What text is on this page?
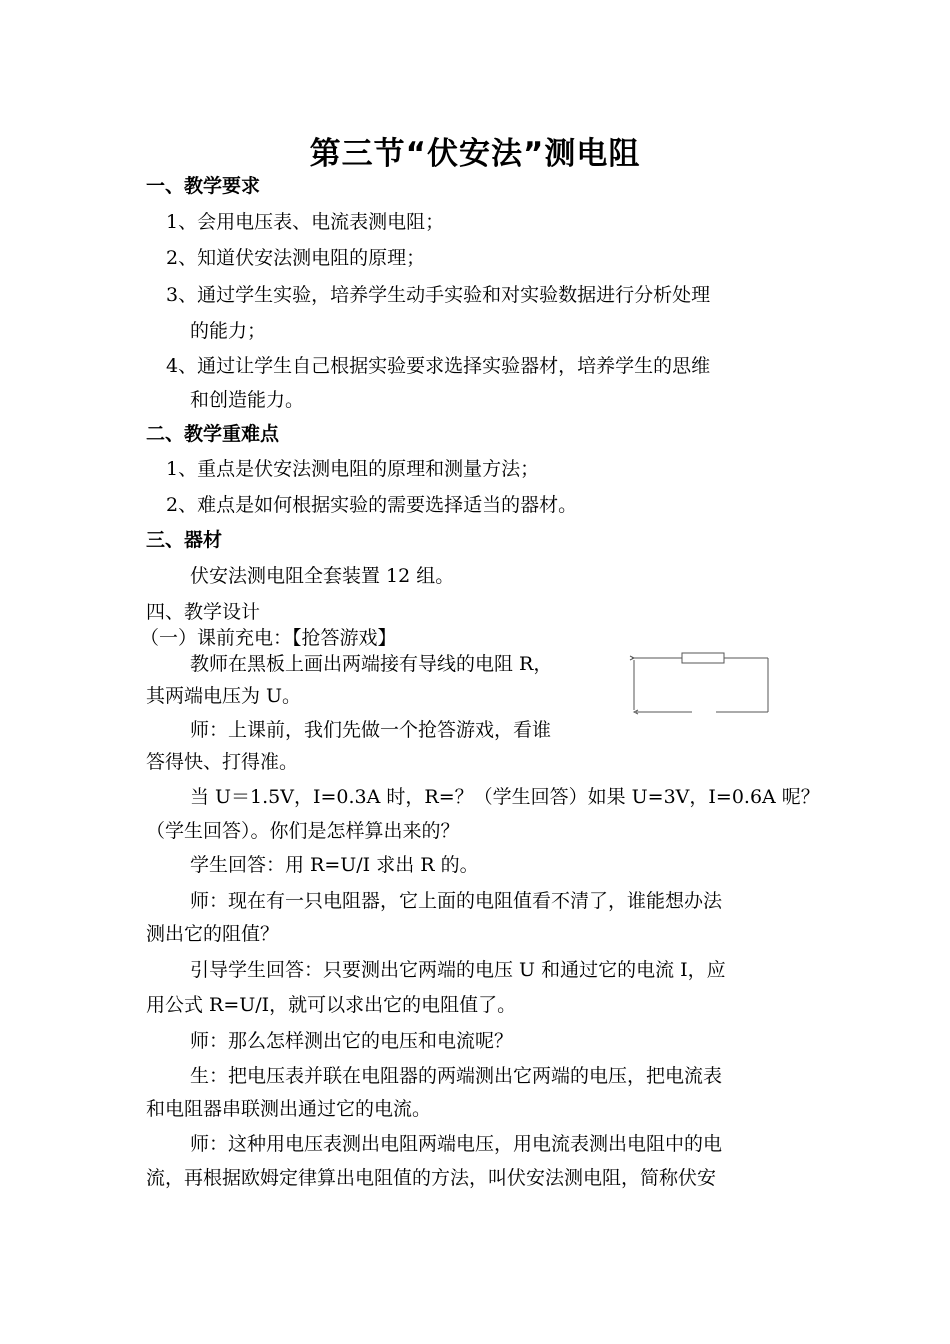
第三节“伏安法”测电阻
一、教学要求
1、会用电压表、电流表测电阻；
2、知道伏安法测电阻的原理；
3、通过学生实验，培养学生动手实验和对实验数据进行分析处理
的能力；
4、通过让学生自己根据实验要求选择实验器材，培养学生的思维
和创造能力。
二、教学重难点
1、重点是伏安法测电阻的原理和测量方法；
2、难点是如何根据实验的需要选择适当的器材。
三、器材
伏安法测电阻全套装置 12 组。
四、教学设计
（一）课前充电：【抢答游戏】
教师在黑板上画出两端接有导线的电阻 R，
其两端电压为 U。
师：上课前，我们先做一个抢答游戏，看谁
答得快、打得准。
当 U＝1.5V，I=0.3A 时，R=？（学生回答）如果 U=3V，I=0.6A 呢？
（学生回答）。你们是怎样算出来的？
学生回答：用 R=U/I 求出 R 的。
师：现在有一只电阻器，它上面的电阻值看不清了，谁能想办法
测出它的阻值？
引导学生回答：只要测出它两端的电压 U 和通过它的电流 I，应
用公式 R=U/I，就可以求出它的电阻值了。
师：那么怎样测出它的电压和电流呢？
生：把电压表并联在电阻器的两端测出它两端的电压，把电流表
和电阻器串联测出通过它的电流。
师：这种用电压表测出电阻两端电压，用电流表测出电阻中的电
流，再根据欧姆定律算出电阻值的方法，叫伏安法测电阻，简称伏安
